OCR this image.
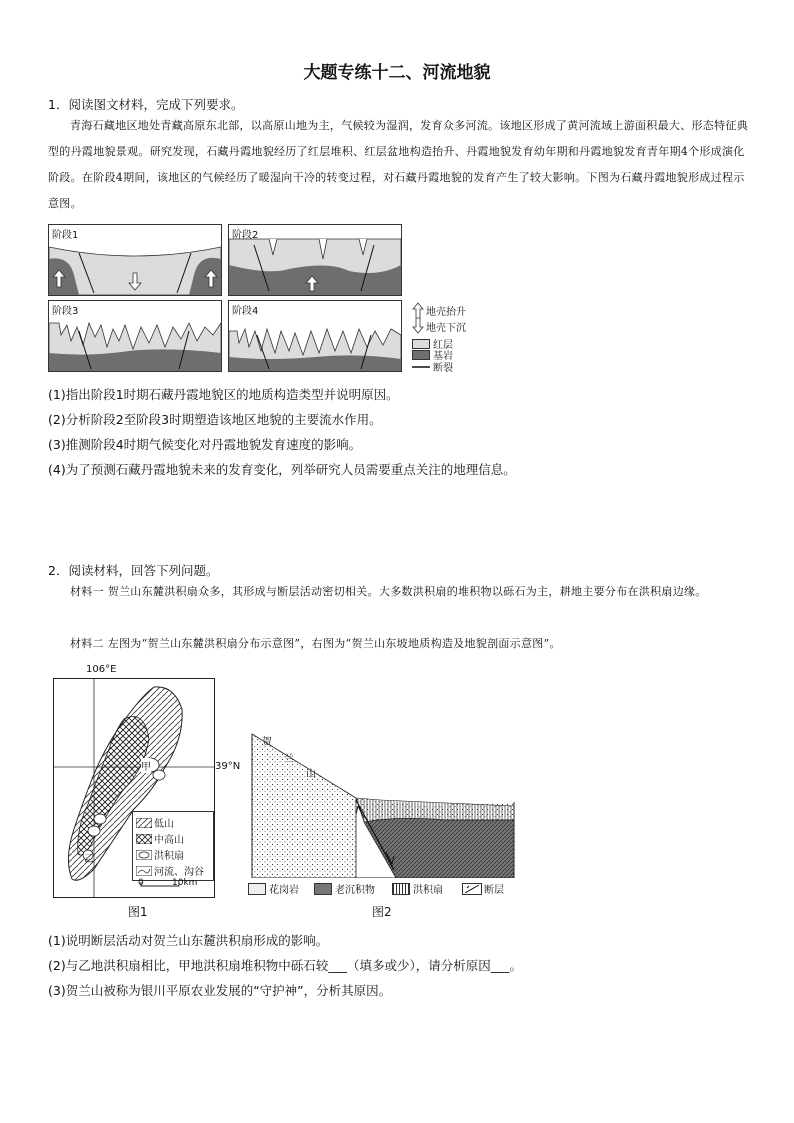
大题专练十二、河流地貌
1．阅读图文材料，完成下列要求。
青海石藏地区地处青藏高原东北部，以高原山地为主，气候较为湿润，发育众多河流。该地区形成了黄河流域上游面积最大、形态特征典型的丹霞地貌景观。研究发现，石藏丹霞地貌经历了红层堆积、红层盆地构造抬升、丹霞地貌发育幼年期和丹霞地貌发育青年期4个形成演化阶段。在阶段4期间，该地区的气候经历了暖湿向干冷的转变过程，对石藏丹霞地貌的发育产生了较大影响。下图为石藏丹霞地貌形成过程示意图。
阶段1	阶段2
阶段3	阶段4	地壳抬升
地壳下沉
红层
基岩
断裂
(1)指出阶段1时期石藏丹霞地貌区的地质构造类型并说明原因。
(2)分析阶段2至阶段3时期塑造该地区地貌的主要流水作用。
(3)推测阶段4时期气候变化对丹霞地貌发育速度的影响。
(4)为了预测石藏丹霞地貌未来的发育变化，列举研究人员需要重点关注的地理信息。
2．阅读材料，回答下列问题。
材料一 贺兰山东麓洪积扇众多，其形成与断层活动密切相关。大多数洪积扇的堆积物以砾石为主，耕地主要分布在洪积扇边缘。
材料二 左图为“贺兰山东麓洪积扇分布示意图”，右图为“贺兰山东坡地质构造及地貌剖面示意图”。
106°E
甲
乙
低山
中高山
洪积扇
河流、沟谷
0	10km
39°N
图1
贺
兰
山
花岗岩	老沉积物	洪积扇	断层
图2
(1)说明断层活动对贺兰山东麓洪积扇形成的影响。
(2)与乙地洪积扇相比，甲地洪积扇堆积物中砾石较___（填多或少），请分析原因___。
(3)贺兰山被称为银川平原农业发展的“守护神”，分析其原因。
